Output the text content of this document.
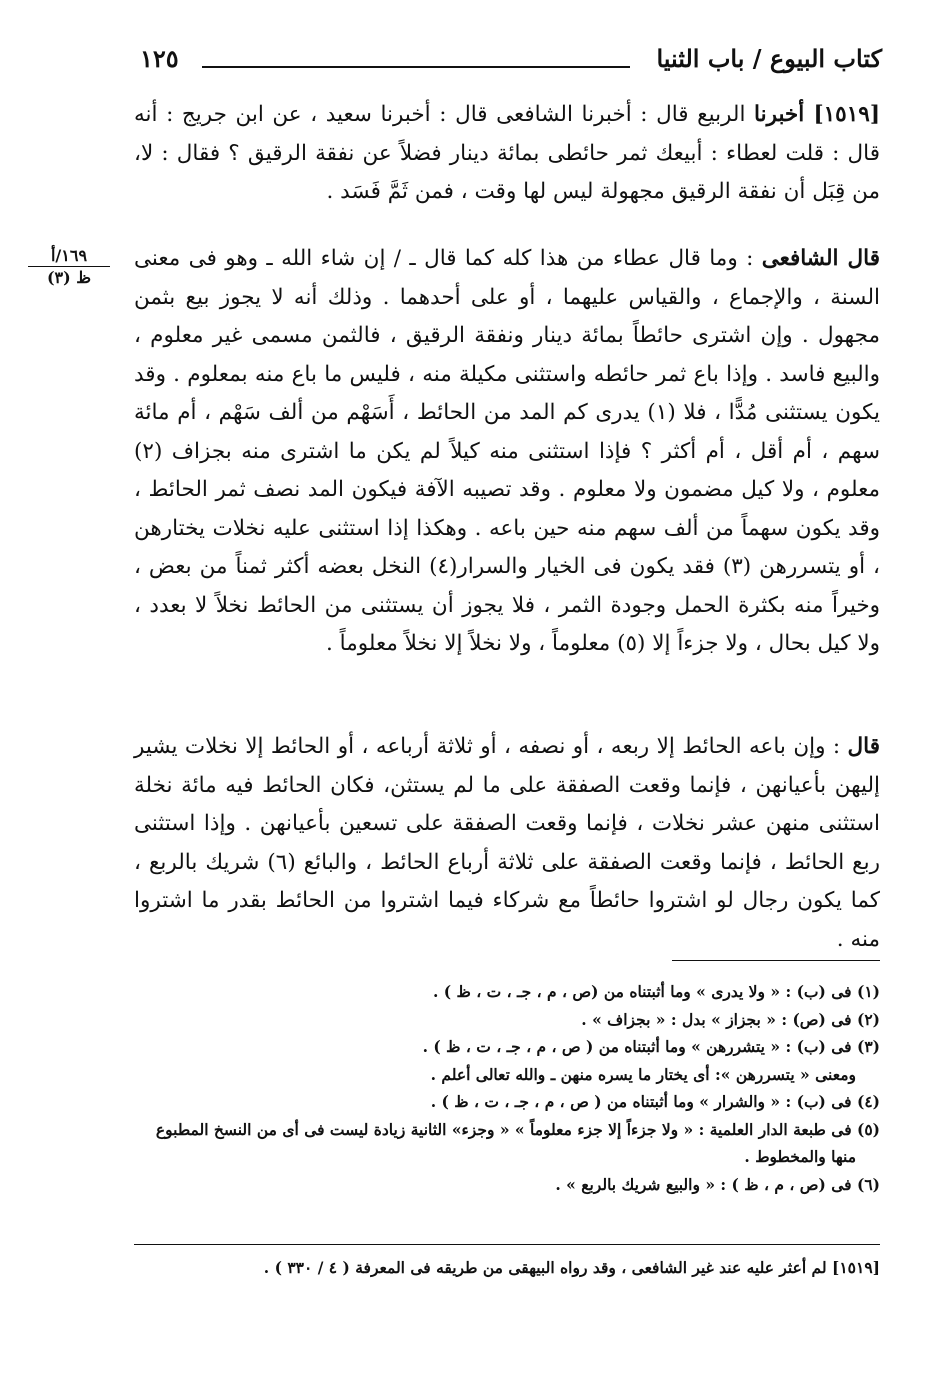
كتاب البيوع / باب الثنيا
١٢٥
١٦٩/أ
ظ (٣)

[١٥١٩] أخبرنا الربيع قال : أخبرنا الشافعى قال : أخبرنا سعيد ، عن ابن جريج : أنه قال : قلت لعطاء : أبيعك ثمر حائطى بمائة دينار فضلاً عن نفقة الرقيق ؟ فقال : لا، من قِبَل أن نفقة الرقيق مجهولة ليس لها وقت ، فمن ثَمَّ فَسَد .

قال الشافعى : وما قال عطاء من هذا كله كما قال ـ / إن شاء الله ـ وهو فى معنى السنة ، والإجماع ، والقياس عليهما ، أو على أحدهما . وذلك أنه لا يجوز بيع بثمن مجهول . وإن اشترى حائطاً بمائة دينار ونفقة الرقيق ، فالثمن مسمى غير معلوم ، والبيع فاسد . وإذا باع ثمر حائطه واستثنى مكيلة منه ، فليس ما باع منه بمعلوم . وقد يكون يستثنى مُدًّا ، فلا (١) يدرى كم المد من الحائط ، أَسَهْم من ألف سَهْم ، أم مائة سهم ، أم أقل ، أم أكثر ؟ فإذا استثنى منه كيلاً لم يكن ما اشترى منه بجزاف (٢) معلوم ، ولا كيل مضمون ولا معلوم . وقد تصيبه الآفة فيكون المد نصف ثمر الحائط ، وقد يكون سهماً من ألف سهم منه حين باعه . وهكذا إذا استثنى عليه نخلات يختارهن ، أو يتسررهن (٣) فقد يكون فى الخيار والسرار(٤) النخل بعضه أكثر ثمناً من بعض ، وخيراً منه بكثرة الحمل وجودة الثمر ، فلا يجوز أن يستثنى من الحائط نخلاً لا بعدد ، ولا كيل بحال ، ولا جزءاً إلا (٥) معلوماً ، ولا نخلاً إلا نخلاً معلوماً .

قال : وإن باعه الحائط إلا ربعه ، أو نصفه ، أو ثلاثة أرباعه ، أو الحائط إلا نخلات يشير إليهن بأعيانهن ، فإنما وقعت الصفقة على ما لم يستثن، فكان الحائط فيه مائة نخلة استثنى منهن عشر نخلات ، فإنما وقعت الصفقة على تسعين بأعيانهن . وإذا استثنى ربع الحائط ، فإنما وقعت الصفقة على ثلاثة أرباع الحائط ، والبائع (٦) شريك بالربع ، كما يكون رجال لو اشتروا حائطاً مع شركاء فيما اشتروا من الحائط بقدر ما اشتروا منه .

(١) فى (ب) : « ولا يدرى » وما أثبتناه من (ص ، م ، جـ ، ت ، ظ ) .

(٢) فى (ص) : « بجزاز » بدل : « بجزاف » .

(٣) فى (ب) : « يتشررهن » وما أثبتناه من ( ص ، م ، جـ ، ت ، ظ ) .

ومعنى « يتسررهن »: أى يختار ما يسره منهن ـ والله تعالى أعلم .

(٤) فى (ب) : « والشرار » وما أثبتناه من ( ص ، م ، جـ ، ت ، ظ ) .

(٥) فى طبعة الدار العلمية : « ولا جزءاً إلا جزء معلوماً » « وجزء» الثانية زيادة ليست فى أى من النسخ المطبوع

منها والمخطوط .

(٦) فى (ص ، م ، ظ ) : « والبيع شريك بالربع » .

[١٥١٩] لم أعثر عليه عند غير الشافعى ، وقد رواه البيهقى من طريقه فى المعرفة ( ٤ / ٣٣٠ ) .
